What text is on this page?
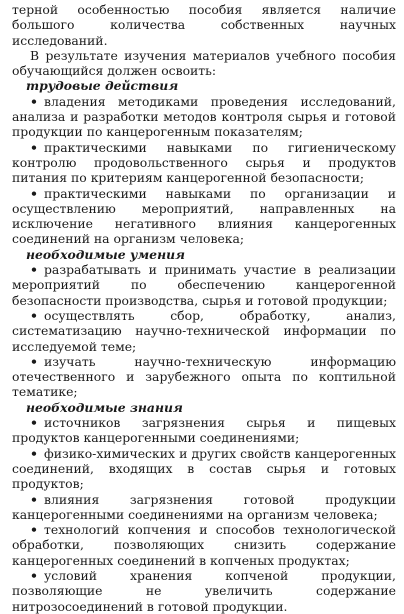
терной особенностью пособия является наличие большого количества собственных научных исследований.

В результате изучения материалов учебного пособия обучающийся должен освоить:

трудовые действия

• владения методиками проведения исследований, анализа и разработки методов контроля сырья и готовой продукции по канцерогенным показателям;

• практическими навыками по гигиеническому контролю продовольственного сырья и продуктов питания по критериям канцерогенной безопасности;

• практическими навыками по организации и осуществлению мероприятий, направленных на исключение негативного влияния канцерогенных соединений на организм человека;

необходимые умения

• разрабатывать и принимать участие в реализации мероприятий по обеспечению канцерогенной безопасности производства, сырья и готовой продукции;

• осуществлять сбор, обработку, анализ, систематизацию научно-технической информации по исследуемой теме;

• изучать научно-техническую информацию отечественного и зарубежного опыта по коптильной тематике;

необходимые знания

• источников загрязнения сырья и пищевых продуктов канцерогенными соединениями;

• физико-химических и других свойств канцерогенных соединений, входящих в состав сырья и готовых продуктов;

• влияния загрязнения готовой продукции канцерогенными соединениями на организм человека;

• технологий копчения и способов технологической обработки, позволяющих снизить содержание канцерогенных соединений в копченых продуктах;

• условий хранения копченой продукции, позволяющие не увеличить содержание нитрозосоединений в готовой продукции.
